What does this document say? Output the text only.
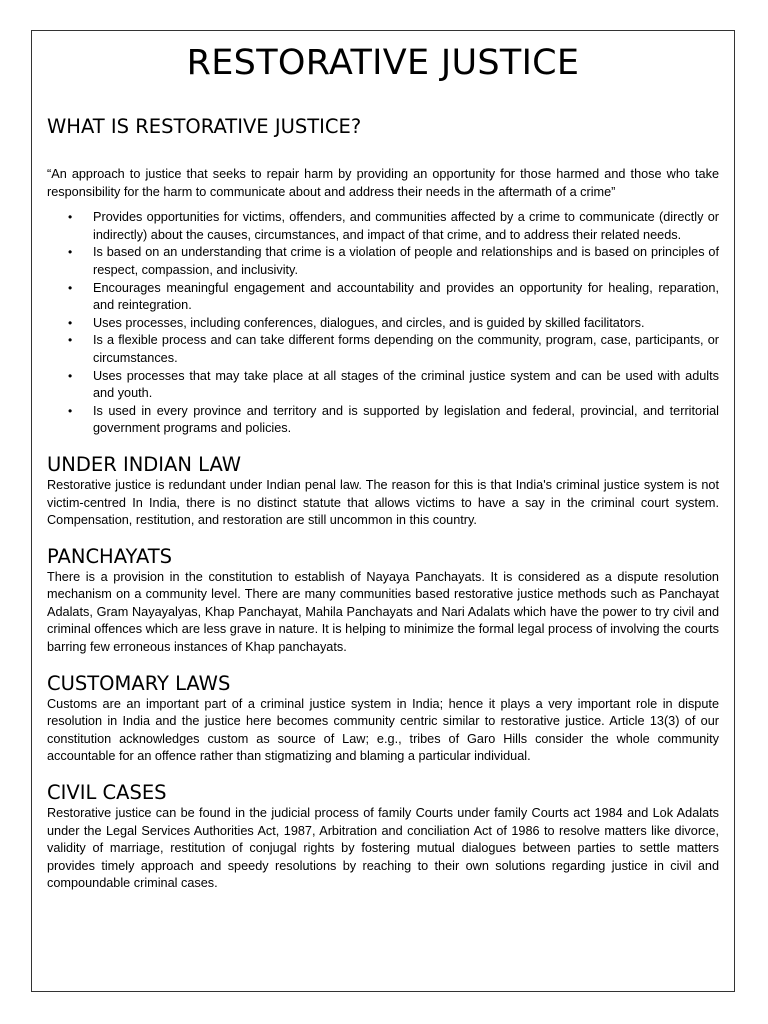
RESTORATIVE JUSTICE
WHAT IS RESTORATIVE JUSTICE?

“An approach to justice that seeks to repair harm by providing an opportunity for those harmed and those who take responsibility for the harm to communicate about and address their needs in the aftermath of a crime”

• Provides opportunities for victims, offenders, and communities affected by a crime to communicate (directly or indirectly) about the causes, circumstances, and impact of that crime, and to address their related needs.
• Is based on an understanding that crime is a violation of people and relationships and is based on principles of respect, compassion, and inclusivity.
• Encourages meaningful engagement and accountability and provides an opportunity for healing, reparation, and reintegration.
• Uses processes, including conferences, dialogues, and circles, and is guided by skilled facilitators.
• Is a flexible process and can take different forms depending on the community, program, case, participants, or circumstances.
• Uses processes that may take place at all stages of the criminal justice system and can be used with adults and youth.
• Is used in every province and territory and is supported by legislation and federal, provincial, and territorial government programs and policies.
UNDER INDIAN LAW

Restorative justice is redundant under Indian penal law. The reason for this is that India's criminal justice system is not victim-centred In India, there is no distinct statute that allows victims to have a say in the criminal court system. Compensation, restitution, and restoration are still uncommon in this country.

PANCHAYATS

There is a provision in the constitution to establish of Nayaya Panchayats. It is considered as a dispute resolution mechanism on a community level. There are many communities based restorative justice methods such as Panchayat Adalats, Gram Nayayalyas, Khap Panchayat, Mahila Panchayats and Nari Adalats which have the power to try civil and criminal offences which are less grave in nature. It is helping to minimize the formal legal process of involving the courts barring few erroneous instances of Khap panchayats.

CUSTOMARY LAWS

Customs are an important part of a criminal justice system in India; hence it plays a very important role in dispute resolution in India and the justice here becomes community centric similar to restorative justice. Article 13(3) of our constitution acknowledges custom as source of Law; e.g., tribes of Garo Hills consider the whole community accountable for an offence rather than stigmatizing and blaming a particular individual.

CIVIL CASES

Restorative justice can be found in the judicial process of family Courts under family Courts act 1984 and Lok Adalats under the Legal Services Authorities Act, 1987, Arbitration and conciliation Act of 1986 to resolve matters like divorce, validity of marriage, restitution of conjugal rights by fostering mutual dialogues between parties to settle matters provides timely approach and speedy resolutions by reaching to their own solutions regarding justice in civil and compoundable criminal cases.
